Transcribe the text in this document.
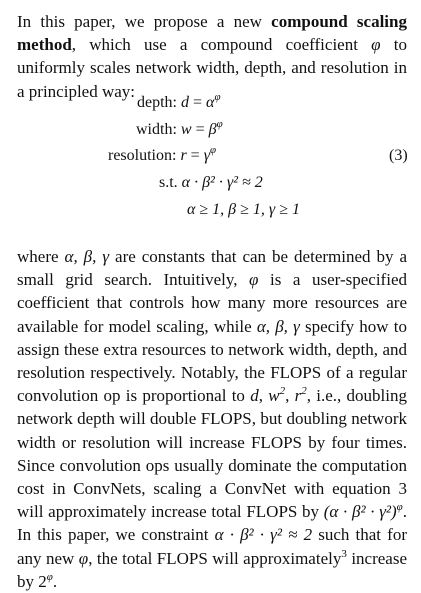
In this paper, we propose a new compound scaling method, which use a compound coefficient φ to uniformly scales network width, depth, and resolution in a principled way:
depth: $d = \alpha^\varphi$
width: $w = \beta^\varphi$
resolution: $r = \gamma^\varphi$
s.t. α · β² · γ² ≈ 2
α ≥ 1, β ≥ 1, γ ≥ 1
(3)
where α, β, γ are constants that can be determined by a small grid search. Intuitively, φ is a user-specified coefficient that controls how many more resources are available for model scaling, while α, β, γ specify how to assign these extra resources to network width, depth, and resolution respectively. Notably, the FLOPS of a regular convolution op is proportional to d, $w^2$, $r^2$, i.e., doubling network depth will double FLOPS, but doubling network width or resolution will increase FLOPS by four times. Since convolution ops usually dominate the computation cost in ConvNets, scaling a ConvNet with equation 3 will approximately increase total FLOPS by $(\alpha \cdot \beta^2 \cdot \gamma^2)^\varphi$. In this paper, we constraint α · β² · γ² ≈ 2 such that for any new φ, the total FLOPS will approximately$^3$ increase by $2^\varphi$.
